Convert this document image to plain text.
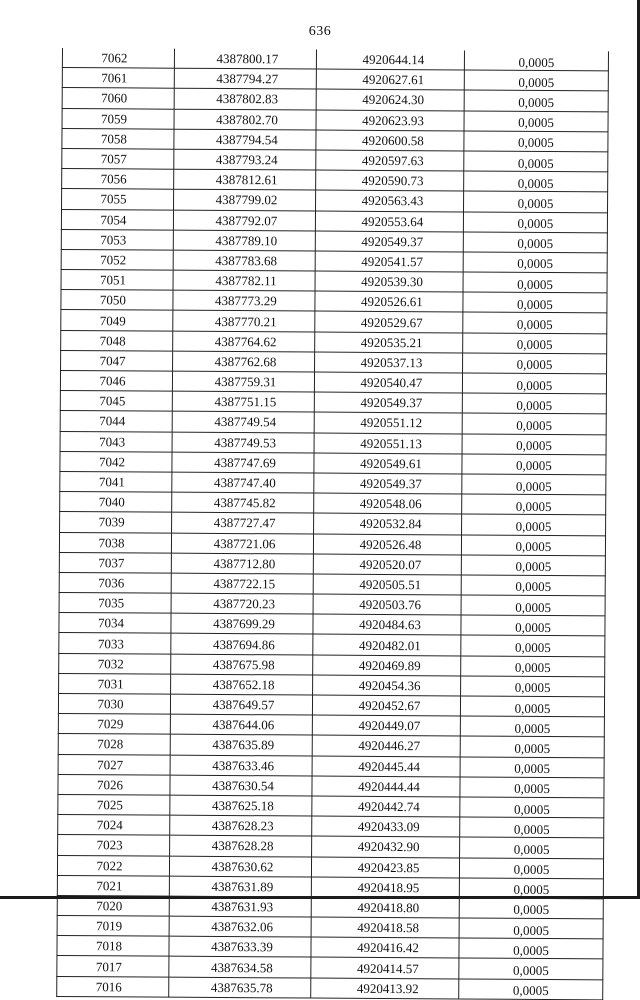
636
7062	4387800.17	4920644.14	0,0005
7061	4387794.27	4920627.61	0,0005
7060	4387802.83	4920624.30	0,0005
7059	4387802.70	4920623.93	0,0005
7058	4387794.54	4920600.58	0,0005
7057	4387793.24	4920597.63	0,0005
7056	4387812.61	4920590.73	0,0005
7055	4387799.02	4920563.43	0,0005
7054	4387792.07	4920553.64	0,0005
7053	4387789.10	4920549.37	0,0005
7052	4387783.68	4920541.57	0,0005
7051	4387782.11	4920539.30	0,0005
7050	4387773.29	4920526.61	0,0005
7049	4387770.21	4920529.67	0,0005
7048	4387764.62	4920535.21	0,0005
7047	4387762.68	4920537.13	0,0005
7046	4387759.31	4920540.47	0,0005
7045	4387751.15	4920549.37	0,0005
7044	4387749.54	4920551.12	0,0005
7043	4387749.53	4920551.13	0,0005
7042	4387747.69	4920549.61	0,0005
7041	4387747.40	4920549.37	0,0005
7040	4387745.82	4920548.06	0,0005
7039	4387727.47	4920532.84	0,0005
7038	4387721.06	4920526.48	0,0005
7037	4387712.80	4920520.07	0,0005
7036	4387722.15	4920505.51	0,0005
7035	4387720.23	4920503.76	0,0005
7034	4387699.29	4920484.63	0,0005
7033	4387694.86	4920482.01	0,0005
7032	4387675.98	4920469.89	0,0005
7031	4387652.18	4920454.36	0,0005
7030	4387649.57	4920452.67	0,0005
7029	4387644.06	4920449.07	0,0005
7028	4387635.89	4920446.27	0,0005
7027	4387633.46	4920445.44	0,0005
7026	4387630.54	4920444.44	0,0005
7025	4387625.18	4920442.74	0,0005
7024	4387628.23	4920433.09	0,0005
7023	4387628.28	4920432.90	0,0005
7022	4387630.62	4920423.85	0,0005
7021	4387631.89	4920418.95	0,0005
7020	4387631.93	4920418.80	0,0005
7019	4387632.06	4920418.58	0,0005
7018	4387633.39	4920416.42	0,0005
7017	4387634.58	4920414.57	0,0005
7016	4387635.78	4920413.92	0,0005
